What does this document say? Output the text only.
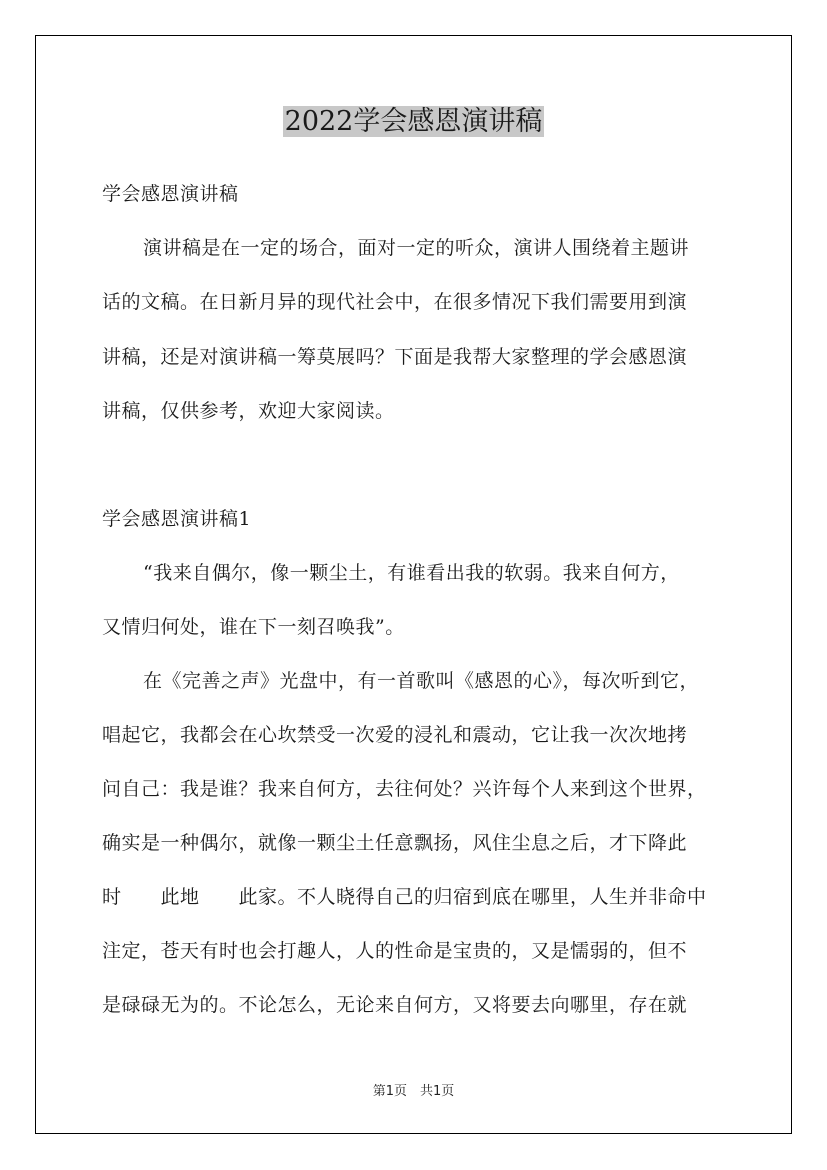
2022学会感恩演讲稿

学会感恩演讲稿

演讲稿是在一定的场合，面对一定的听众，演讲人围绕着主题讲

话的文稿。在日新月异的现代社会中，在很多情况下我们需要用到演

讲稿，还是对演讲稿一筹莫展吗？下面是我帮大家整理的学会感恩演

讲稿，仅供参考，欢迎大家阅读。

学会感恩演讲稿1

“我来自偶尔，像一颗尘土，有谁看出我的软弱。我来自何方，

又情归何处，谁在下一刻召唤我”。

在《完善之声》光盘中，有一首歌叫《感恩的心》，每次听到它，

唱起它，我都会在心坎禁受一次爱的浸礼和震动，它让我一次次地拷

问自己：我是谁？我来自何方，去往何处？兴许每个人来到这个世界，

确实是一种偶尔，就像一颗尘土任意飘扬，风住尘息之后，才下降此

时　　此地　　此家。不人晓得自己的归宿到底在哪里，人生并非命中

注定，苍天有时也会打趣人，人的性命是宝贵的，又是懦弱的，但不

是碌碌无为的。不论怎么，无论来自何方，又将要去向哪里，存在就

第1页　共1页
